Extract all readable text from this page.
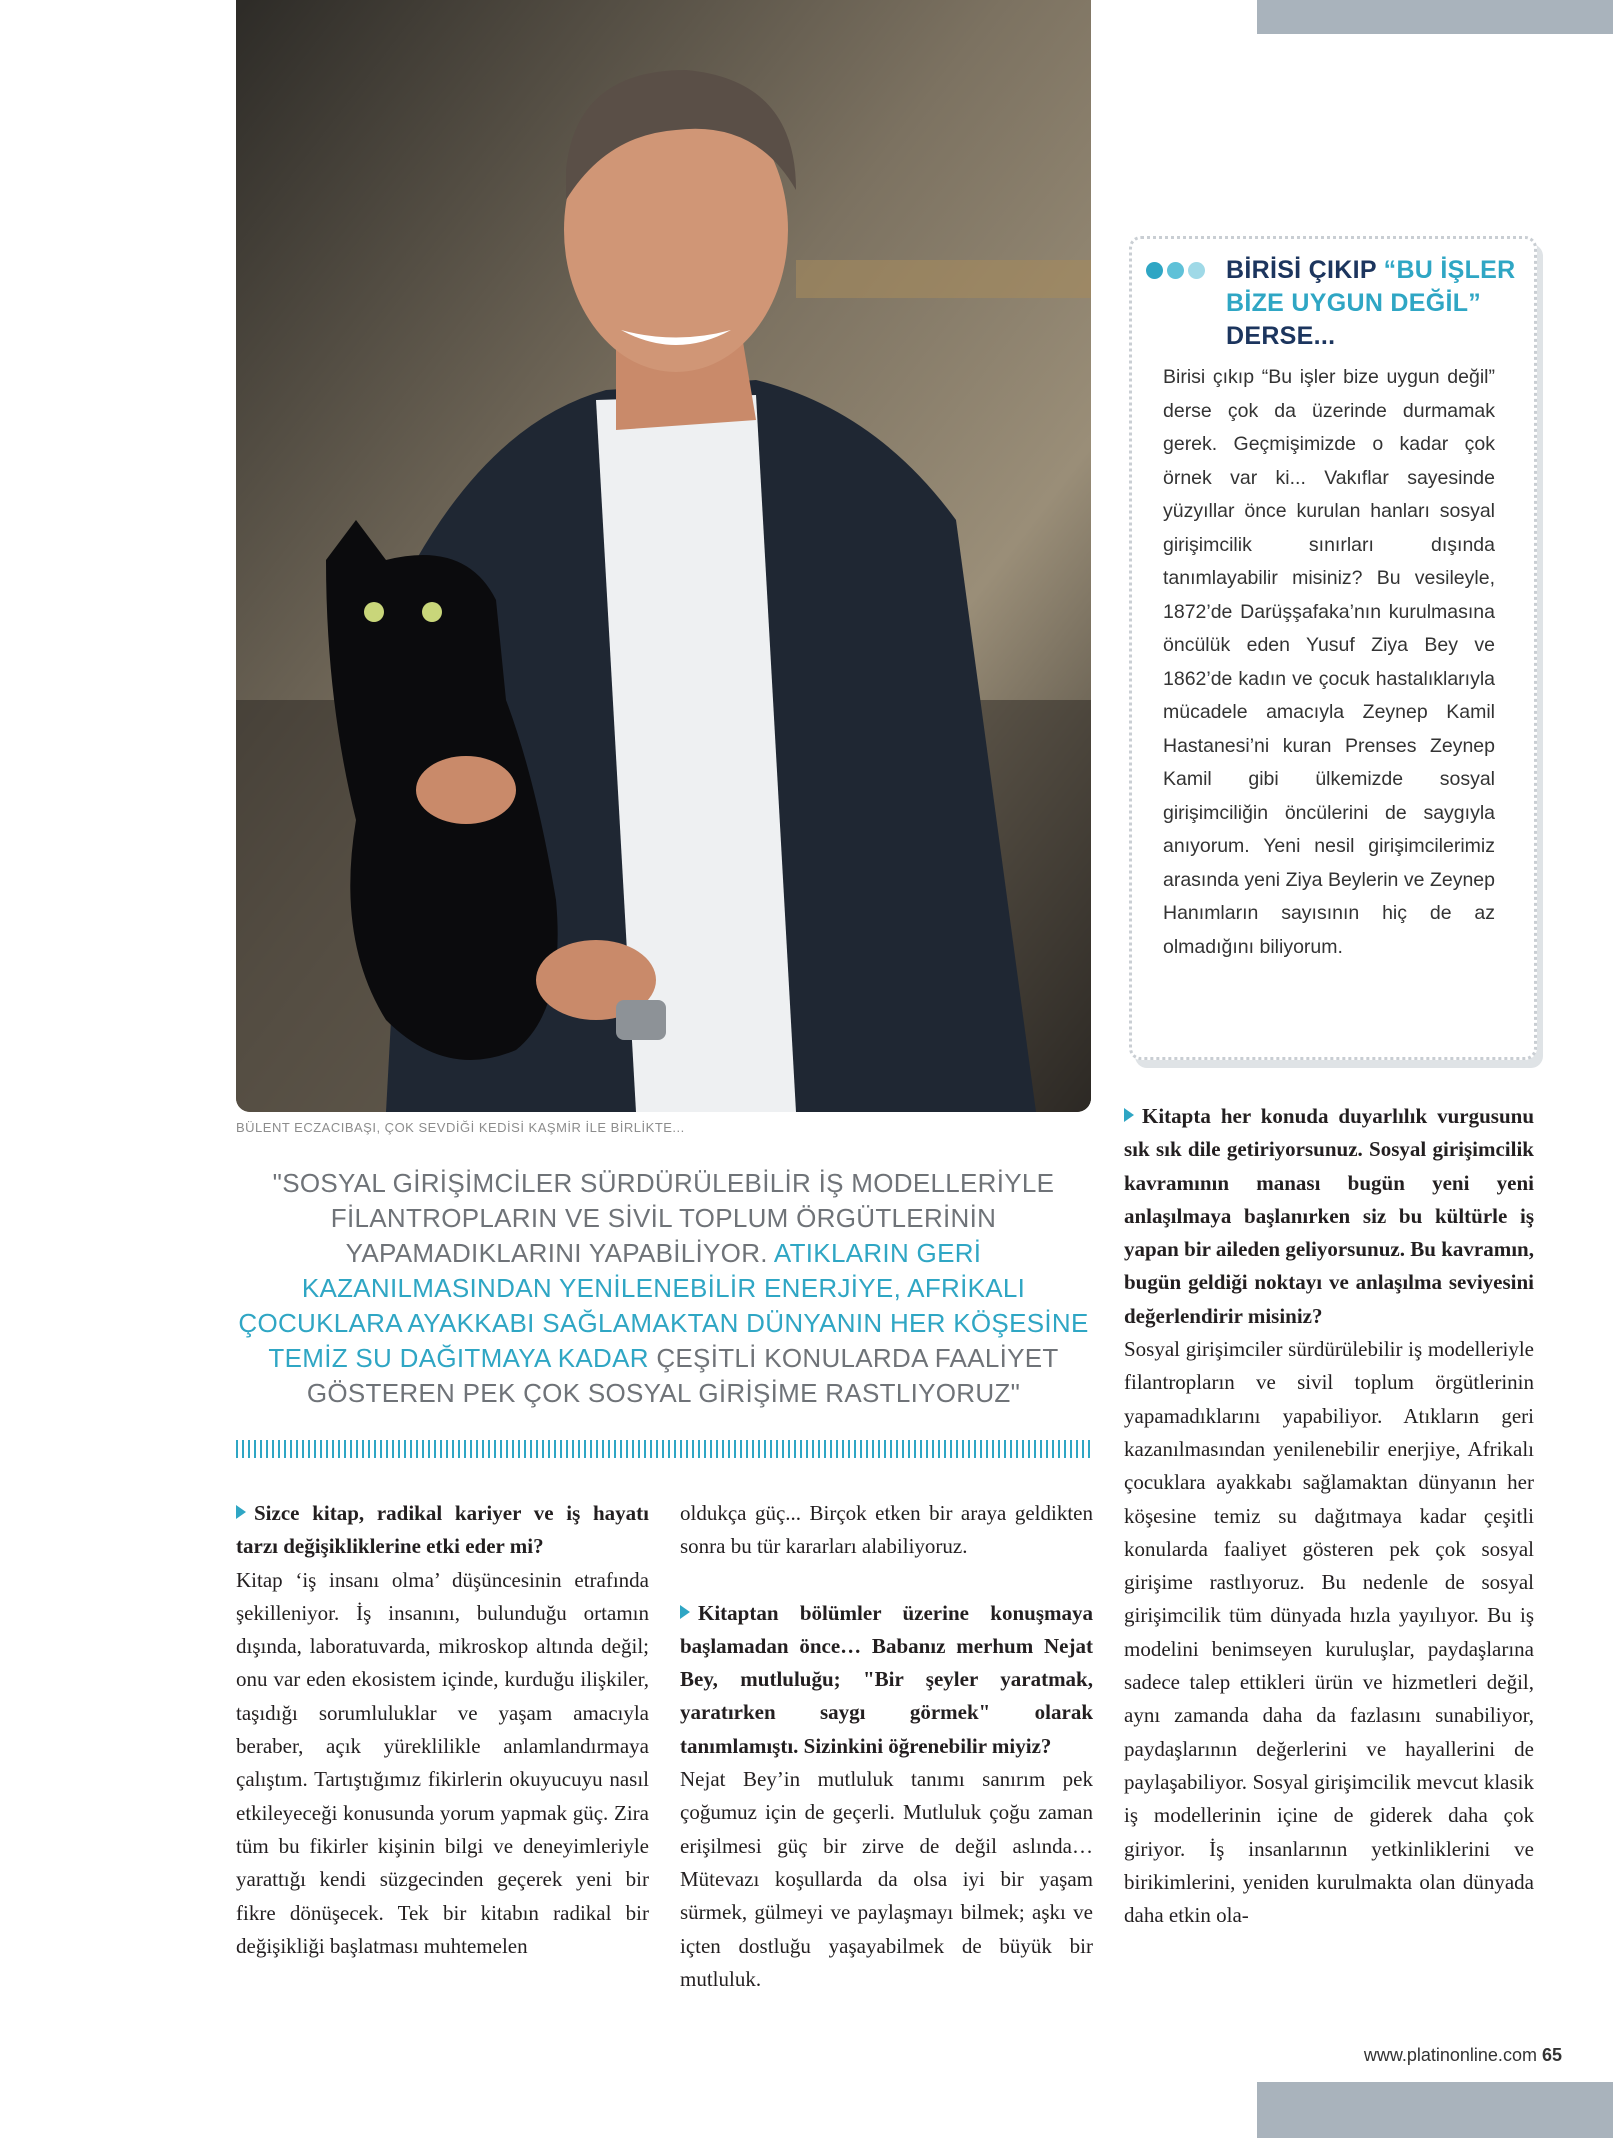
BÜLENT ECZACIBAŞI, ÇOK SEVDİĞİ KEDİSİ KAŞMİR İLE BİRLİKTE...
BİRİSİ ÇIKIP “BU İŞLER BİZE UYGUN DEĞİL” DERSE...
Birisi çıkıp “Bu işler bize uygun değil” derse çok da üzerinde durmamak gerek. Geçmişimizde o kadar çok örnek var ki... Vakıflar sayesinde yüzyıllar önce kurulan hanları sosyal girişimcilik sınırları dışında tanımlayabilir misiniz? Bu vesileyle, 1872’de Darüşşafaka’nın kurulmasına öncülük eden Yusuf Ziya Bey ve 1862’de kadın ve çocuk hastalıklarıyla mücadele amacıyla Zeynep Kamil Hastanesi’ni kuran Prenses Zeynep Kamil gibi ülkemizde sosyal girişimciliğin öncülerini de saygıyla anıyorum. Yeni nesil girişimcilerimiz arasında yeni Ziya Beylerin ve Zeynep Hanımların sayısının hiç de az olmadığını biliyorum.
"SOSYAL GİRİŞİMCİLER SÜRDÜRÜLEBİLİR İŞ MODELLERİYLE FİLANTROPLARIN VE SİVİL TOPLUM ÖRGÜTLERİNİN YAPAMADIKLARINI YAPABİLİYOR. ATIKLARIN GERİ KAZANILMASINDAN YENİLENEBİLİR ENERJİYE, AFRİKALI ÇOCUKLARA AYAKKABI SAĞLAMAKTAN DÜNYANIN HER KÖŞESİNE TEMİZ SU DAĞITMAYA KADAR ÇEŞİTLİ KONULARDA FAALİYET GÖSTEREN PEK ÇOK SOSYAL GİRİŞİME RASTLIYORUZ"

Sizce kitap, radikal kariyer ve iş hayatı tarzı değişikliklerine etki eder mi?

Kitap ‘iş insanı olma’ düşüncesinin etrafında şekilleniyor. İş insanını, bulunduğu ortamın dışında, laboratuvarda, mikroskop altında değil; onu var eden ekosistem içinde, kurduğu ilişkiler, taşıdığı sorumluluklar ve yaşam amacıyla beraber, açık yüreklilikle anlamlandırmaya çalıştım. Tartıştığımız fikirlerin okuyucuyu nasıl etkileyeceği konusunda yorum yapmak güç. Zira tüm bu fikirler kişinin bilgi ve deneyimleriyle yarattığı kendi süzgecinden geçerek yeni bir fikre dönüşecek. Tek bir kitabın radikal bir değişikliği başlatması muhtemelen

oldukça güç... Birçok etken bir araya geldikten sonra bu tür kararları alabiliyoruz.

Kitaptan bölümler üzerine konuşmaya başlamadan önce… Babanız merhum Nejat Bey, mutluluğu; "Bir şeyler yaratmak, yaratırken saygı görmek" olarak tanımlamıştı. Sizinkini öğrenebilir miyiz?

Nejat Bey’in mutluluk tanımı sanırım pek çoğumuz için de geçerli. Mutluluk çoğu zaman erişilmesi güç bir zirve de değil aslında… Mütevazı koşullarda da olsa iyi bir yaşam sürmek, gülmeyi ve paylaşmayı bilmek; aşkı ve içten dostluğu yaşayabilmek de büyük bir mutluluk.

Kitapta her konuda duyarlılık vurgusunu sık sık dile getiriyorsunuz. Sosyal girişimcilik kavramının manası bugün yeni yeni anlaşılmaya başlanırken siz bu kültürle iş yapan bir aileden geliyorsunuz. Bu kavramın, bugün geldiği noktayı ve anlaşılma seviyesini değerlendirir misiniz?

Sosyal girişimciler sürdürülebilir iş modelleriyle filantropların ve sivil toplum örgütlerinin yapamadıklarını yapabiliyor. Atıkların geri kazanılmasından yenilenebilir enerjiye, Afrikalı çocuklara ayakkabı sağlamaktan dünyanın her köşesine temiz su dağıtmaya kadar çeşitli konularda faaliyet gösteren pek çok sosyal girişime rastlıyoruz. Bu nedenle de sosyal girişimcilik tüm dünyada hızla yayılıyor. Bu iş modelini benimseyen kuruluşlar, paydaşlarına sadece talep ettikleri ürün ve hizmetleri değil, aynı zamanda daha da fazlasını sunabiliyor, paydaşlarının değerlerini ve hayallerini de paylaşabiliyor. Sosyal girişimcilik mevcut klasik iş modellerinin içine de giderek daha çok giriyor. İş insanlarının yetkinliklerini ve birikimlerini, yeniden kurulmakta olan dünyada daha etkin ola-

www.platinonline.com 65
